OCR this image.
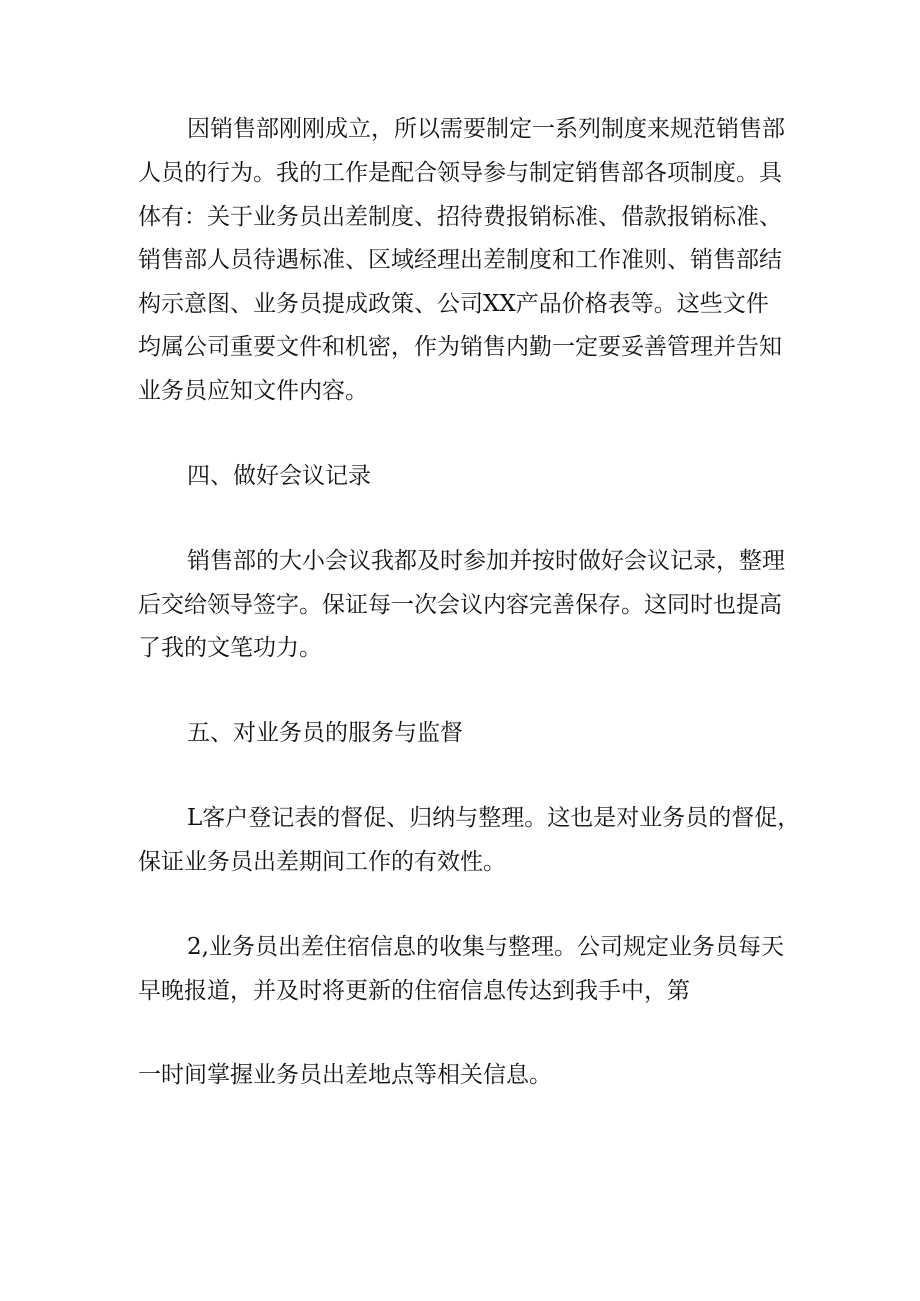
因销售部刚刚成立，所以需要制定一系列制度来规范销售部
人员的行为。我的工作是配合领导参与制定销售部各项制度。具
体有：关于业务员出差制度、招待费报销标准、借款报销标准、
销售部人员待遇标准、区域经理出差制度和工作准则、销售部结
构示意图、业务员提成政策、公司XX产品价格表等。这些文件
均属公司重要文件和机密，作为销售内勤一定要妥善管理并告知
业务员应知文件内容。
四、做好会议记录
销售部的大小会议我都及时参加并按时做好会议记录，整理
后交给领导签字。保证每一次会议内容完善保存。这同时也提高
了我的文笔功力。
五、对业务员的服务与监督
L客户登记表的督促、归纳与整理。这也是对业务员的督促，
保证业务员出差期间工作的有效性。
2,业务员出差住宿信息的收集与整理。公司规定业务员每天
早晚报道，并及时将更新的住宿信息传达到我手中，第
一时间掌握业务员出差地点等相关信息。
